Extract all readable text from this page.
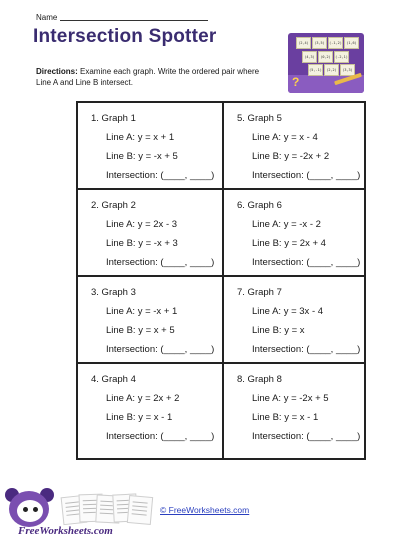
Name
Intersection Spotter
Directions: Examine each graph. Write the ordered pair where Line A and Line B intersect.
(2,4)	(3,5)	(-1,2)	(1,6)
(4,3)	(0,2)	(-2,1)
(5,-1)	(2,2)	(3,3)
?
1. Graph 1
Line A: y = x + 1
Line B: y = -x + 5
Intersection: (____, ____)
5. Graph 5
Line A: y = x - 4
Line B: y = -2x + 2
Intersection: (____, ____)
2. Graph 2
Line A: y = 2x - 3
Line B: y = -x + 3
Intersection: (____, ____)
6. Graph 6
Line A: y = -x - 2
Line B: y = 2x + 4
Intersection: (____, ____)
3. Graph 3
Line A: y = -x + 1
Line B: y = x + 5
Intersection: (____, ____)
7. Graph 7
Line A: y = 3x - 4
Line B: y = x
Intersection: (____, ____)
4. Graph 4
Line A: y = 2x + 2
Line B: y = x - 1
Intersection: (____, ____)
8. Graph 8
Line A: y = -2x + 5
Line B: y = x - 1
Intersection: (____, ____)
FreeWorksheets.com
© FreeWorksheets.com
